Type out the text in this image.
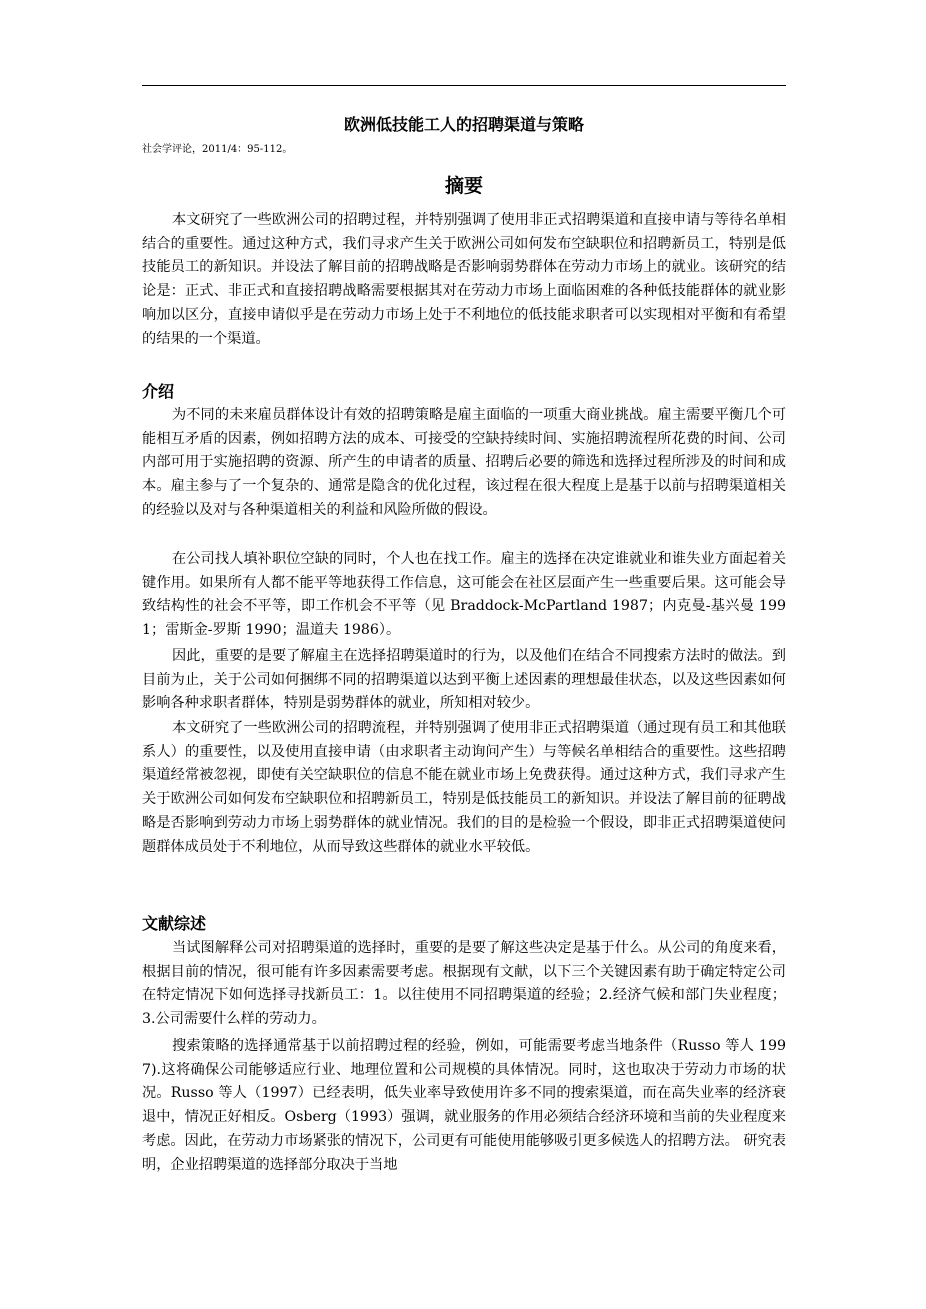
欧洲低技能工人的招聘渠道与策略
社会学评论，2011/4：95-112。
摘要

本文研究了一些欧洲公司的招聘过程，并特别强调了使用非正式招聘渠道和直接申请与等待名单相结合的重要性。通过这种方式，我们寻求产生关于欧洲公司如何发布空缺职位和招聘新员工，特别是低技能员工的新知识。并设法了解目前的招聘战略是否影响弱势群体在劳动力市场上的就业。该研究的结论是：正式、非正式和直接招聘战略需要根据其对在劳动力市场上面临困难的各种低技能群体的就业影响加以区分，直接申请似乎是在劳动力市场上处于不利地位的低技能求职者可以实现相对平衡和有希望的结果的一个渠道。

介绍

为不同的未来雇员群体设计有效的招聘策略是雇主面临的一项重大商业挑战。雇主需要平衡几个可能相互矛盾的因素，例如招聘方法的成本、可接受的空缺持续时间、实施招聘流程所花费的时间、公司内部可用于实施招聘的资源、所产生的申请者的质量、招聘后必要的筛选和选择过程所涉及的时间和成本。雇主参与了一个复杂的、通常是隐含的优化过程，该过程在很大程度上是基于以前与招聘渠道相关的经验以及对与各种渠道相关的利益和风险所做的假设。

在公司找人填补职位空缺的同时，个人也在找工作。雇主的选择在决定谁就业和谁失业方面起着关键作用。如果所有人都不能平等地获得工作信息，这可能会在社区层面产生一些重要后果。这可能会导致结构性的社会不平等，即工作机会不平等（见 Braddock-McPartland 1987；内克曼-基兴曼 1991；雷斯金-罗斯 1990；温道夫 1986）。

因此，重要的是要了解雇主在选择招聘渠道时的行为，以及他们在结合不同搜索方法时的做法。到目前为止，关于公司如何捆绑不同的招聘渠道以达到平衡上述因素的理想最佳状态，以及这些因素如何影响各种求职者群体，特别是弱势群体的就业，所知相对较少。

本文研究了一些欧洲公司的招聘流程，并特别强调了使用非正式招聘渠道（通过现有员工和其他联系人）的重要性，以及使用直接申请（由求职者主动询问产生）与等候名单相结合的重要性。这些招聘渠道经常被忽视，即使有关空缺职位的信息不能在就业市场上免费获得。通过这种方式，我们寻求产生关于欧洲公司如何发布空缺职位和招聘新员工，特别是低技能员工的新知识。并设法了解目前的征聘战略是否影响到劳动力市场上弱势群体的就业情况。我们的目的是检验一个假设，即非正式招聘渠道使问题群体成员处于不利地位，从而导致这些群体的就业水平较低。

文献综述

当试图解释公司对招聘渠道的选择时，重要的是要了解这些决定是基于什么。从公司的角度来看，根据目前的情况，很可能有许多因素需要考虑。根据现有文献，以下三个关键因素有助于确定特定公司在特定情况下如何选择寻找新员工：1。以往使用不同招聘渠道的经验；2.经济气候和部门失业程度；3.公司需要什么样的劳动力。

搜索策略的选择通常基于以前招聘过程的经验，例如，可能需要考虑当地条件（Russo 等人 1997).这将确保公司能够适应行业、地理位置和公司规模的具体情况。同时，这也取决于劳动力市场的状况。Russo 等人（1997）已经表明，低失业率导致使用许多不同的搜索渠道，而在高失业率的经济衰退中，情况正好相反。Osberg（1993）强调，就业服务的作用必须结合经济环境和当前的失业程度来考虑。因此，在劳动力市场紧张的情况下，公司更有可能使用能够吸引更多候选人的招聘方法。 研究表明，企业招聘渠道的选择部分取决于当地
